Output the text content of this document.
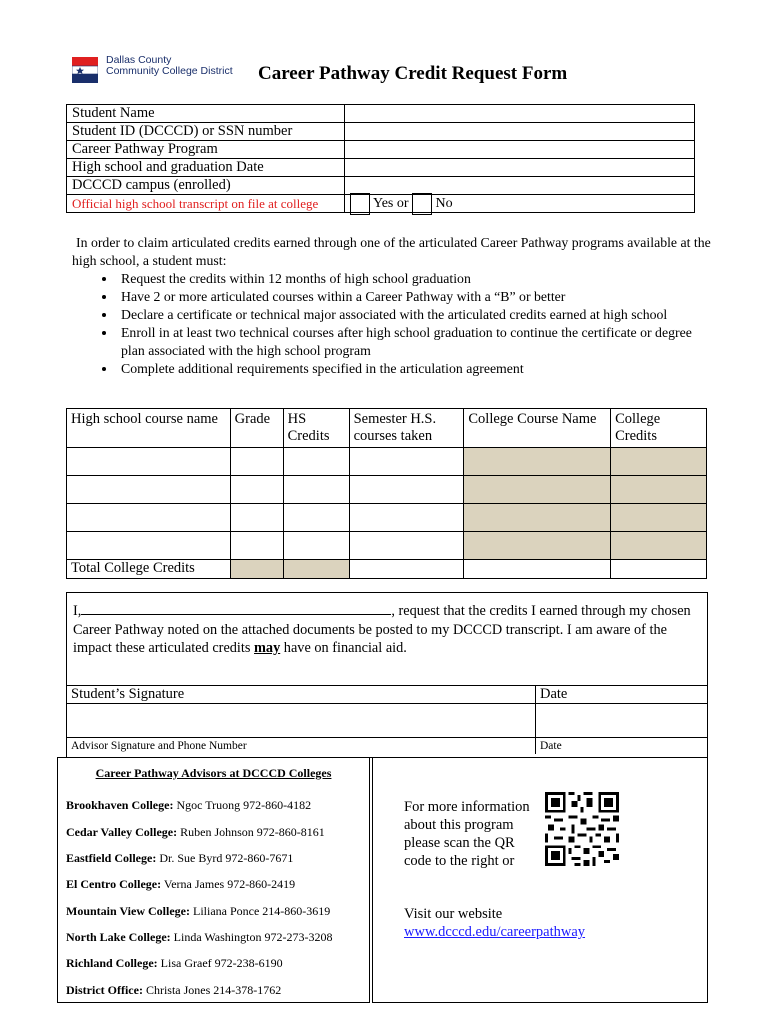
Dallas County
Community College District Career Pathway Credit Request Form
Student Name	
Student ID (DCCCD) or SSN number	
Career Pathway Program	
High school and graduation Date	
DCCCD campus (enrolled)	
Official high school transcript on file at college	Yes or No
In order to claim articulated credits earned through one of the articulated Career Pathway programs available at the high school, a student must:
• Request the credits within 12 months of high school graduation
• Have 2 or more articulated courses within a Career Pathway with a “B” or better
• Declare a certificate or technical major associated with the articulated credits earned at high school
• Enroll in at least two technical courses after high school graduation to continue the certificate or degree plan associated with the high school program
• Complete additional requirements specified in the articulation agreement
High school course name	Grade	HS Credits	Semester H.S. courses taken	College Course Name	College Credits

Total College Credits					
I,	, request that the credits I earned through my chosen Career Pathway noted on the attached documents be posted to my DCCCD transcript. I am aware of the impact these articulated credits may have on financial aid.
Student’s Signature	Date

Advisor Signature and Phone Number	Date
Career Pathway Advisors at DCCCD Colleges
Brookhaven College: Ngoc Truong 972-860-4182
Cedar Valley College: Ruben Johnson 972-860-8161
Eastfield College: Dr. Sue Byrd 972-860-7671
El Centro College: Verna James 972-860-2419
Mountain View College: Liliana Ponce 214-860-3619
North Lake College: Linda Washington 972-273-3208
Richland College: Lisa Graef 972-238-6190
District Office: Christa Jones 214-378-1762
For more information about this program please scan the QR code to the right or
Visit our website
www.dcccd.edu/careerpathway
